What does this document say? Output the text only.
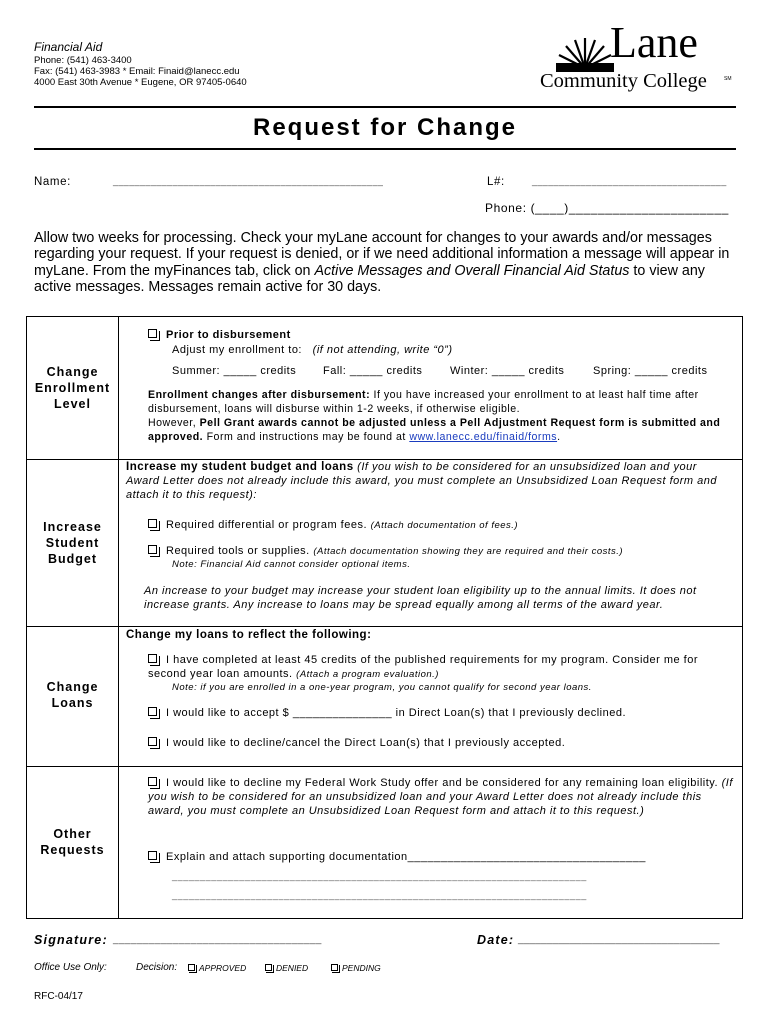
Financial Aid
Phone: (541) 463-3400
Fax: (541) 463-3983 * Email: Finaid@lanecc.edu
4000 East 30th Avenue * Eugene, OR 97405-0640
Lane
Community College	SM
Request for Change
Name:	__________________________________________________	L#:	____________________________________
Phone: (____)______________________
Allow two weeks for processing. Check your myLane account for changes to your awards and/or messages regarding your request. If your request is denied, or if we need additional information a message will appear in myLane. From the myFinances tab, click on Active Messages and Overall Financial Aid Status to view any active messages. Messages remain active for 30 days.
Change Enrollment Level
Prior to disbursement
Adjust my enrollment to: (if not attending, write “0”)
Summer: _____ credits Fall: _____ credits	Winter: _____ credits	Spring: _____ credits
Enrollment changes after disbursement: If you have increased your enrollment to at least half time after disbursement, loans will disburse within 1-2 weeks, if otherwise eligible.
However, Pell Grant awards cannot be adjusted unless a Pell Adjustment Request form is submitted and approved. Form and instructions may be found at www.lanecc.edu/finaid/forms.
Increase Student Budget
Increase my student budget and loans (If you wish to be considered for an unsubsidized loan and your Award Letter does not already include this award, you must complete an Unsubsidized Loan Request form and attach it to this request):
Required differential or program fees. (Attach documentation of fees.)
Required tools or supplies. (Attach documentation showing they are required and their costs.)
Note: Financial Aid cannot consider optional items.
An increase to your budget may increase your student loan eligibility up to the annual limits. It does not increase grants. Any increase to loans may be spread equally among all terms of the award year.
Change Loans
Change my loans to reflect the following:
I have completed at least 45 credits of the published requirements for my program. Consider me for second year loan amounts. (Attach a program evaluation.)
Note: if you are enrolled in a one-year program, you cannot qualify for second year loans.
I would like to accept $ _______________ in Direct Loan(s) that I previously declined.
I would like to decline/cancel the Direct Loan(s) that I previously accepted.
Other Requests
I would like to decline my Federal Work Study offer and be considered for any remaining loan eligibility. (If you wish to be considered for an unsubsidized loan and your Award Letter does not already include this award, you must complete an Unsubsidized Loan Request form and attach it to this request.)
Explain and attach supporting documentation____________________________________
__________________________________________________________________________
__________________________________________________________________________
Signature: ___________________________________	Date: ___________________________________
Office Use Only:	Decision:	APPROVED	DENIED	PENDING
RFC-04/17
